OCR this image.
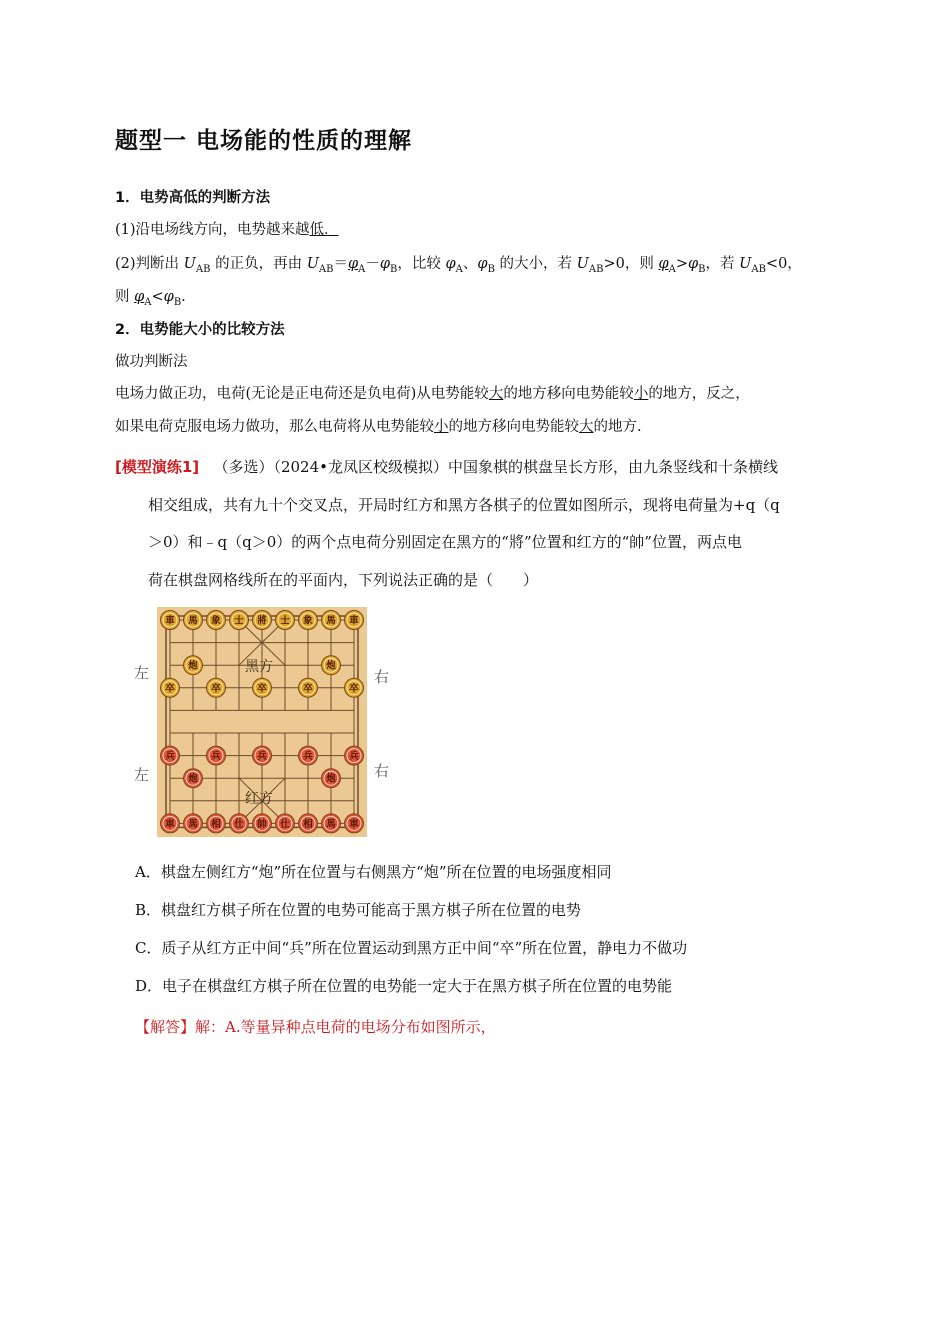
题型一 电场能的性质的理解
1．电势高低的判断方法
(1)沿电场线方向，电势越来越低．
(2)判断出 $U_{AB}$ 的正负，再由 $U_{AB}=\varphi_A-\varphi_B$，比较 $\varphi_A$、$\varphi_B$ 的大小，若 $U_{AB}>0$，则 $\varphi_A>\varphi_B$，若 $U_{AB}<0$，
则 $\varphi_A<\varphi_B$.
2．电势能大小的比较方法
做功判断法
电场力做正功，电荷(无论是正电荷还是负电荷)从电势能较大的地方移向电势能较小的地方，反之，
如果电荷克服电场力做功，那么电荷将从电势能较小的地方移向电势能较大的地方.
[模型演练1] （多选）（2024•龙凤区校级模拟）中国象棋的棋盘呈长方形，由九条竖线和十条横线
相交组成，共有九十个交叉点，开局时红方和黑方各棋子的位置如图所示，现将电荷量为+q（q
＞0）和﹣q（q＞0）的两个点电荷分别固定在黑方的“將”位置和红方的“帥”位置，两点电
荷在棋盘网格线所在的平面内，下列说法正确的是（　　）
左	右
左	右
黑方
红方
車 馬 象 士 將 士 象 馬 車
炮	炮
卒	卒	卒	卒	卒
兵	兵	兵	兵	兵
炮	炮
車 馬 相 仕 帥 仕 相 馬 車
A．棋盘左侧红方“炮”所在位置与右侧黑方“炮”所在位置的电场强度相同
B．棋盘红方棋子所在位置的电势可能高于黑方棋子所在位置的电势
C．质子从红方正中间“兵”所在位置运动到黑方正中间“卒”所在位置，静电力不做功
D．电子在棋盘红方棋子所在位置的电势能一定大于在黑方棋子所在位置的电势能
【解答】解：A.等量异种点电荷的电场分布如图所示，
